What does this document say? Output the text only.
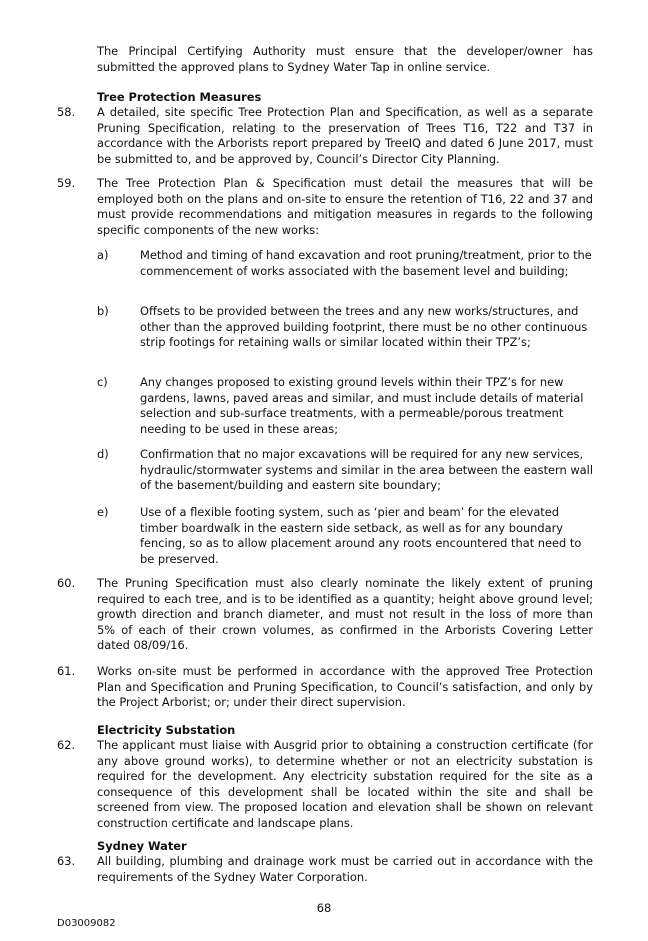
The Principal Certifying Authority must ensure that the developer/owner has submitted the approved plans to Sydney Water Tap in online service.

Tree Protection Measures
58. A detailed, site specific Tree Protection Plan and Specification, as well as a separate Pruning Specification, relating to the preservation of Trees T16, T22 and T37 in accordance with the Arborists report prepared by TreeIQ and dated 6 June 2017, must be submitted to, and be approved by, Council’s Director City Planning.

59. The Tree Protection Plan & Specification must detail the measures that will be employed both on the plans and on-site to ensure the retention of T16, 22 and 37 and must provide recommendations and mitigation measures in regards to the following specific components of the new works:

a)	Method and timing of hand excavation and root pruning/treatment, prior to the commencement of works associated with the basement level and building;

b)	Offsets to be provided between the trees and any new works/structures, and other than the approved building footprint, there must be no other continuous strip footings for retaining walls or similar located within their TPZ’s;

c)	Any changes proposed to existing ground levels within their TPZ’s for new gardens, lawns, paved areas and similar, and must include details of material selection and sub-surface treatments, with a permeable/porous treatment needing to be used in these areas;

d)	Confirmation that no major excavations will be required for any new services, hydraulic/stormwater systems and similar in the area between the eastern wall of the basement/building and eastern site boundary;

e)	Use of a flexible footing system, such as ‘pier and beam’ for the elevated timber boardwalk in the eastern side setback, as well as for any boundary fencing, so as to allow placement around any roots encountered that need to be preserved.

60. The Pruning Specification must also clearly nominate the likely extent of pruning required to each tree, and is to be identified as a quantity; height above ground level; growth direction and branch diameter, and must not result in the loss of more than 5% of each of their crown volumes, as confirmed in the Arborists Covering Letter dated 08/09/16.

61. Works on-site must be performed in accordance with the approved Tree Protection Plan and Specification and Pruning Specification, to Council’s satisfaction, and only by the Project Arborist; or; under their direct supervision.

Electricity Substation
62. The applicant must liaise with Ausgrid prior to obtaining a construction certificate (for any above ground works), to determine whether or not an electricity substation is required for the development. Any electricity substation required for the site as a consequence of this development shall be located within the site and shall be screened from view. The proposed location and elevation shall be shown on relevant construction certificate and landscape plans.

Sydney Water
63. All building, plumbing and drainage work must be carried out in accordance with the requirements of the Sydney Water Corporation.

68
D03009082
